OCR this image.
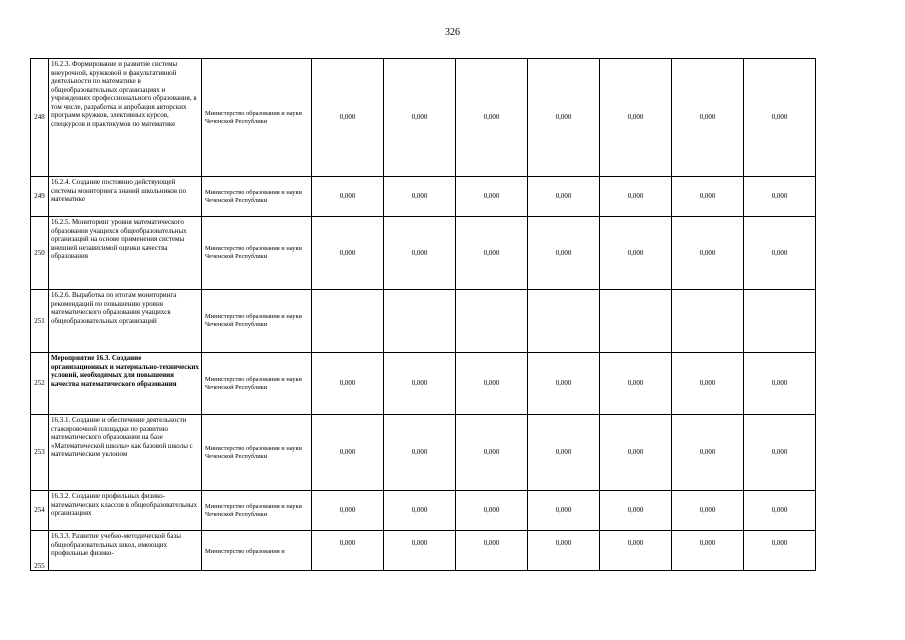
326
248	16.2.3. Формирование и развитие системы внеурочной, кружковой и факультативной деятельности по математике в общеобразовательных организациях и учреждениях профессионального образования, в том числе, разработка и апробация авторских программ кружков, элективных курсов, спецкурсов и практикумов по математике	Министерство образования и науки Чеченской Республики	0,000	0,000	0,000	0,000	0,000	0,000	0,000
249	16.2.4. Создание постоянно действующей системы мониторинга знаний школьников по математике	Министерство образования и науки Чеченской Республики	0,000	0,000	0,000	0,000	0,000	0,000	0,000
250	16.2.5. Мониторинг уровня математического образования учащихся общеобразовательных организаций на основе применения системы внешней независимой оценки качества образования	Министерство образования и науки Чеченской Республики	0,000	0,000	0,000	0,000	0,000	0,000	0,000
251	16.2.6. Выработка по итогам мониторинга рекомендаций по повышению уровня математического образования учащихся общеобразовательных организаций	Министерство образования и науки Чеченской Республики							
252	Мероприятие 16.3. Создание организационных и материально-технических условий, необходимых для повышения качества математического образования	Министерство образования и науки Чеченской Республики	0,000	0,000	0,000	0,000	0,000	0,000	0,000
253	16.3.1. Создание и обеспечение деятельности стажировочной площадки по развитию математического образования на базе «Математической школы» как базовой школы с математическим уклоном	Министерство образования и науки Чеченской Республики	0,000	0,000	0,000	0,000	0,000	0,000	0,000
254	16.3.2. Создание профильных физико-математических классов в общеобразовательных организациях	Министерство образования и науки Чеченской Республики	0,000	0,000	0,000	0,000	0,000	0,000	0,000
255	16.3.3. Развитие учебно-методической базы общеобразовательных школ, имеющих профильные физико-	Министерство образования и	0,000	0,000	0,000	0,000	0,000	0,000	0,000
